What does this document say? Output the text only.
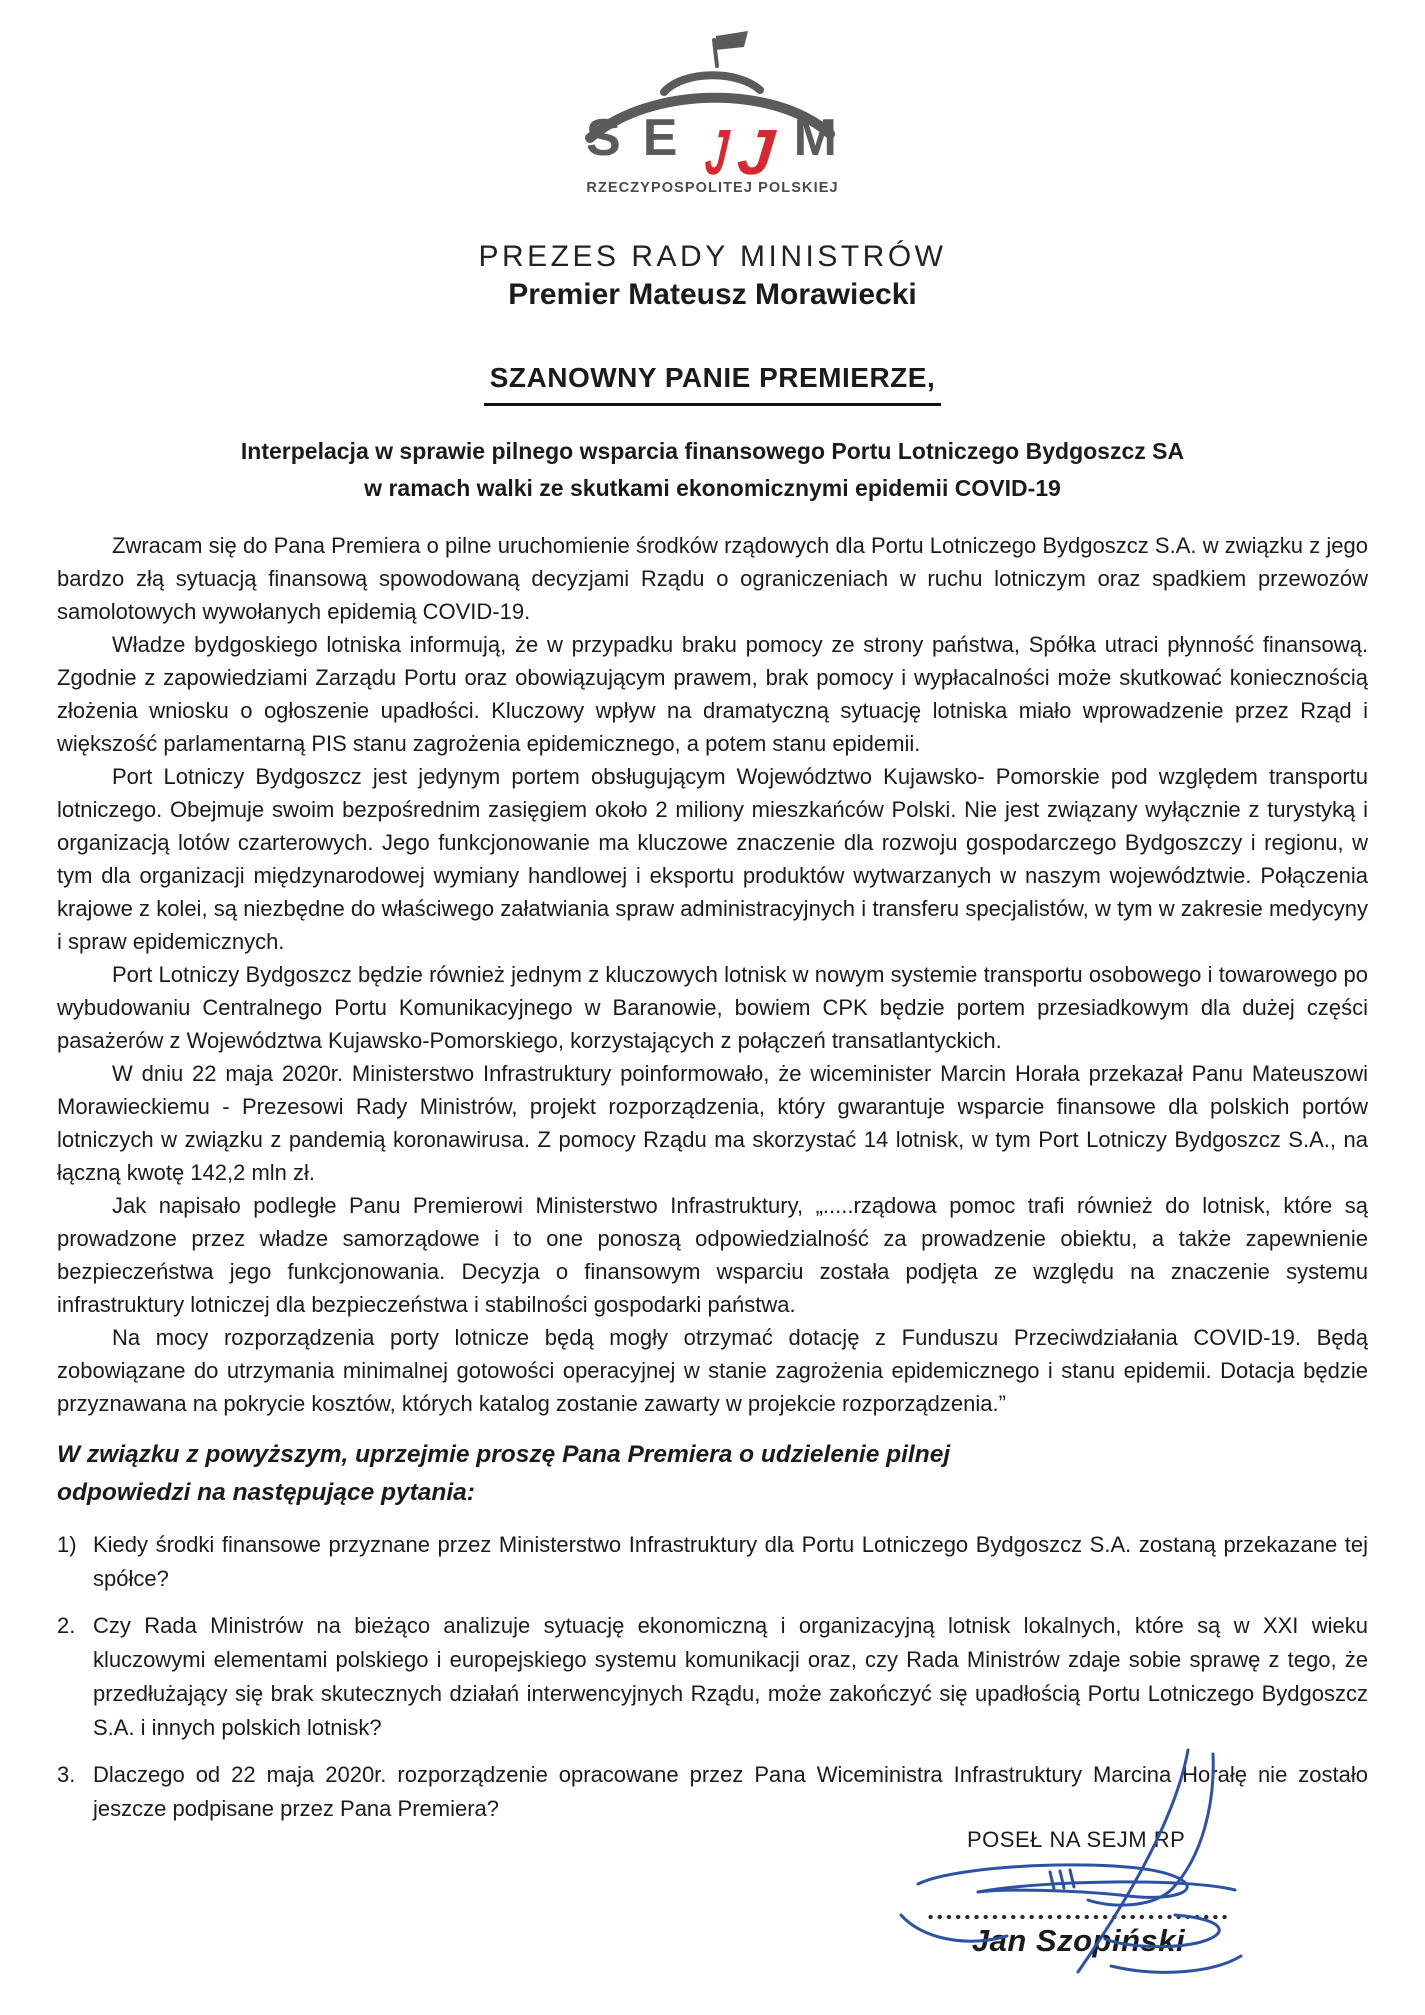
S E J J M
RZECZYPOSPOLITEJ POLSKIEJ
PREZES RADY MINISTRÓW
Premier Mateusz Morawiecki
SZANOWNY PANIE PREMIERZE,
Interpelacja w sprawie pilnego wsparcia finansowego Portu Lotniczego Bydgoszcz SA
w ramach walki ze skutkami ekonomicznymi epidemii COVID-19

Zwracam się do Pana Premiera o pilne uruchomienie środków rządowych dla Portu Lotniczego Bydgoszcz S.A. w związku z jego bardzo złą sytuacją finansową spowodowaną decyzjami Rządu o ograniczeniach w ruchu lotniczym oraz spadkiem przewozów samolotowych wywołanych epidemią COVID-19.

Władze bydgoskiego lotniska informują, że w przypadku braku pomocy ze strony państwa, Spółka utraci płynność finansową. Zgodnie z zapowiedziami Zarządu Portu oraz obowiązującym prawem, brak pomocy i wypłacalności może skutkować koniecznością złożenia wniosku o ogłoszenie upadłości. Kluczowy wpływ na dramatyczną sytuację lotniska miało wprowadzenie przez Rząd i większość parlamentarną PIS stanu zagrożenia epidemicznego, a potem stanu epidemii.

Port Lotniczy Bydgoszcz jest jedynym portem obsługującym Województwo Kujawsko- Pomorskie pod względem transportu lotniczego. Obejmuje swoim bezpośrednim zasięgiem około 2 miliony mieszkańców Polski. Nie jest związany wyłącznie z turystyką i organizacją lotów czarterowych. Jego funkcjonowanie ma kluczowe znaczenie dla rozwoju gospodarczego Bydgoszczy i regionu, w tym dla organizacji międzynarodowej wymiany handlowej i eksportu produktów wytwarzanych w naszym województwie. Połączenia krajowe z kolei, są niezbędne do właściwego załatwiania spraw administracyjnych i transferu specjalistów, w tym w zakresie medycyny i spraw epidemicznych.

Port Lotniczy Bydgoszcz będzie również jednym z kluczowych lotnisk w nowym systemie transportu osobowego i towarowego po wybudowaniu Centralnego Portu Komunikacyjnego w Baranowie, bowiem CPK będzie portem przesiadkowym dla dużej części pasażerów z Województwa Kujawsko-Pomorskiego, korzystających z połączeń transatlantyckich.

W dniu 22 maja 2020r. Ministerstwo Infrastruktury poinformowało, że wiceminister Marcin Horała przekazał Panu Mateuszowi Morawieckiemu - Prezesowi Rady Ministrów, projekt rozporządzenia, który gwarantuje wsparcie finansowe dla polskich portów lotniczych w związku z pandemią koronawirusa. Z pomocy Rządu ma skorzystać 14 lotnisk, w tym Port Lotniczy Bydgoszcz S.A., na łączną kwotę 142,2 mln zł.

Jak napisało podległe Panu Premierowi Ministerstwo Infrastruktury, „.....rządowa pomoc trafi również do lotnisk, które są prowadzone przez władze samorządowe i to one ponoszą odpowiedzialność za prowadzenie obiektu, a także zapewnienie bezpieczeństwa jego funkcjonowania. Decyzja o finansowym wsparciu została podjęta ze względu na znaczenie systemu infrastruktury lotniczej dla bezpieczeństwa i stabilności gospodarki państwa.

Na mocy rozporządzenia porty lotnicze będą mogły otrzymać dotację z Funduszu Przeciwdziałania COVID-19. Będą zobowiązane do utrzymania minimalnej gotowości operacyjnej w stanie zagrożenia epidemicznego i stanu epidemii. Dotacja będzie przyznawana na pokrycie kosztów, których katalog zostanie zawarty w projekcie rozporządzenia.”

W związku z powyższym, uprzejmie proszę Pana Premiera o udzielenie pilnej
odpowiedzi na następujące pytania:
1) Kiedy środki finansowe przyznane przez Ministerstwo Infrastruktury dla Portu Lotniczego Bydgoszcz S.A. zostaną przekazane tej spółce?
2. Czy Rada Ministrów na bieżąco analizuje sytuację ekonomiczną i organizacyjną lotnisk lokalnych, które są w XXI wieku kluczowymi elementami polskiego i europejskiego systemu komunikacji oraz, czy Rada Ministrów zdaje sobie sprawę z tego, że przedłużający się brak skutecznych działań interwencyjnych Rządu, może zakończyć się upadłością Portu Lotniczego Bydgoszcz S.A. i innych polskich lotnisk?
3. Dlaczego od 22 maja 2020r. rozporządzenie opracowane przez Pana Wiceministra Infrastruktury Marcina Horałę nie zostało jeszcze podpisane przez Pana Premiera?
POSEŁ NA SEJM RP
Jan Szopiński
